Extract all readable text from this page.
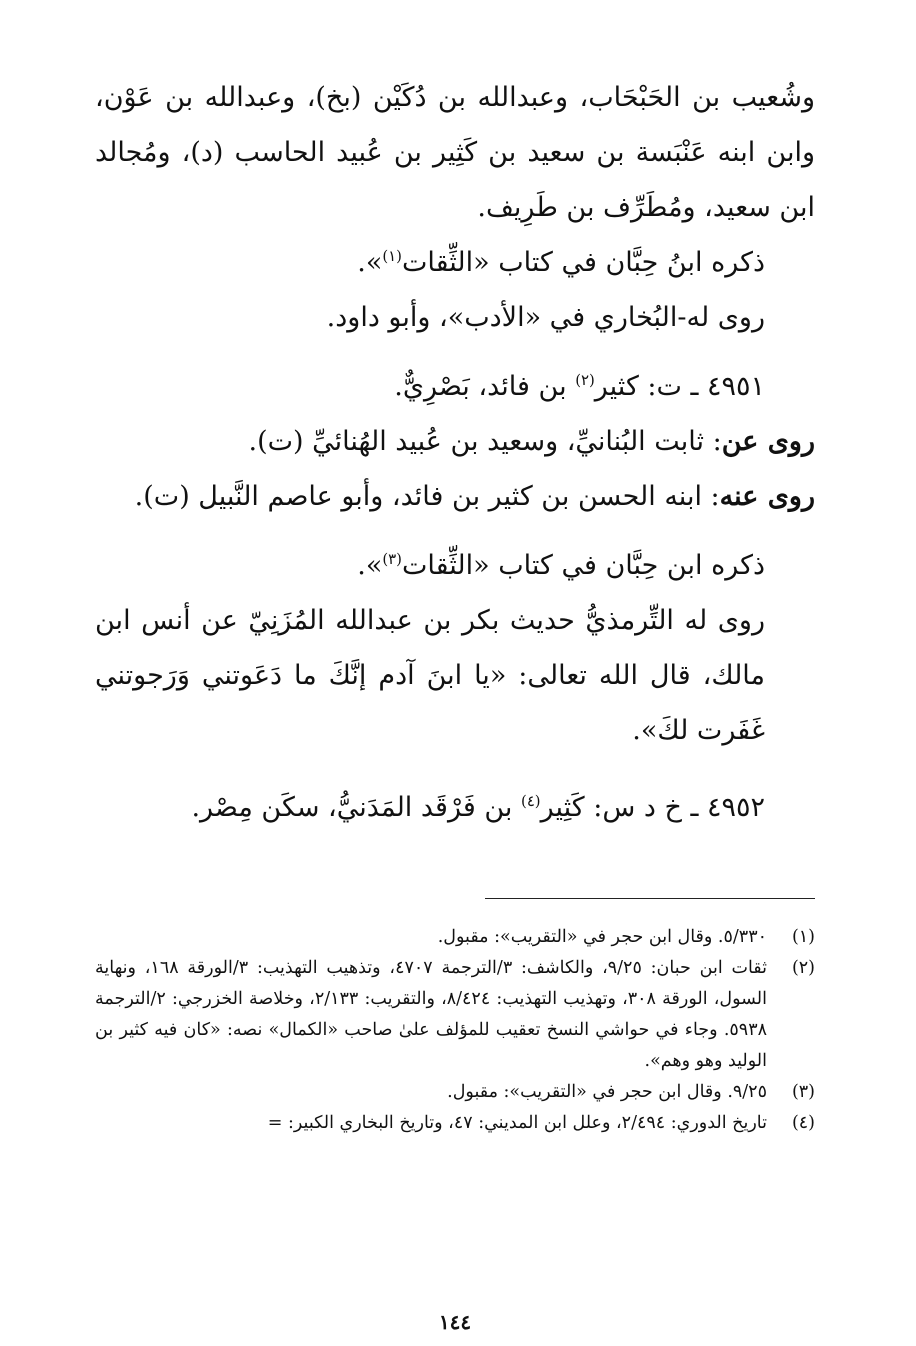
وشُعيب بن الحَبْحَاب، وعبدالله بن دُكَيْن (بخ)، وعبدالله بن عَوْن، وابن ابنه عَنْبَسة بن سعيد بن كَثِير بن عُبيد الحاسب (د)، ومُجالد ابن سعيد، ومُطَرِّف بن طَرِيف.

ذكره ابنُ حِبَّان في كتاب «الثِّقات$^{(١)}$».

روى له-البُخاري في «الأدب»، وأبو داود.

٤٩٥١ ـ ت: كثير$^{(٢)}$ بن فائد، بَصْرِيٌّ.

روى عن: ثابت البُنانيِّ، وسعيد بن عُبيد الهُنائيِّ (ت).

روى عنه: ابنه الحسن بن كثير بن فائد، وأبو عاصم النَّبيل (ت).

ذكره ابن حِبَّان في كتاب «الثِّقات$^{(٣)}$».

روى له التِّرمذيُّ حديث بكر بن عبدالله المُزَنِيّ عن أنس ابن مالك، قال الله تعالى: «يا ابنَ آدم إنَّكَ ما دَعَوتني وَرَجوتني غَفَرت لكَ».

٤٩٥٢ ـ خ د س: كَثِير$^{(٤)}$ بن فَرْقَد المَدَنيُّ، سكَن مِصْر.

(١)
٥/٣٣٠. وقال ابن حجر في «التقريب»: مقبول.
(٢)
ثقات ابن حبان: ٩/٢٥، والكاشف: ٣/الترجمة ٤٧٠٧، وتذهيب التهذيب: ٣/الورقة ١٦٨، ونهاية السول، الورقة ٣٠٨، وتهذيب التهذيب: ٨/٤٢٤، والتقريب: ٢/١٣٣، وخلاصة الخزرجي: ٢/الترجمة ٥٩٣٨. وجاء في حواشي النسخ تعقيب للمؤلف علىٰ صاحب «الكمال» نصه: «كان فيه كثير بن الوليد وهو وهم».
(٣)
٩/٢٥. وقال ابن حجر في «التقريب»: مقبول.
(٤)
تاريخ الدوري: ٢/٤٩٤، وعلل ابن المديني: ٤٧، وتاريخ البخاري الكبير: =
١٤٤
